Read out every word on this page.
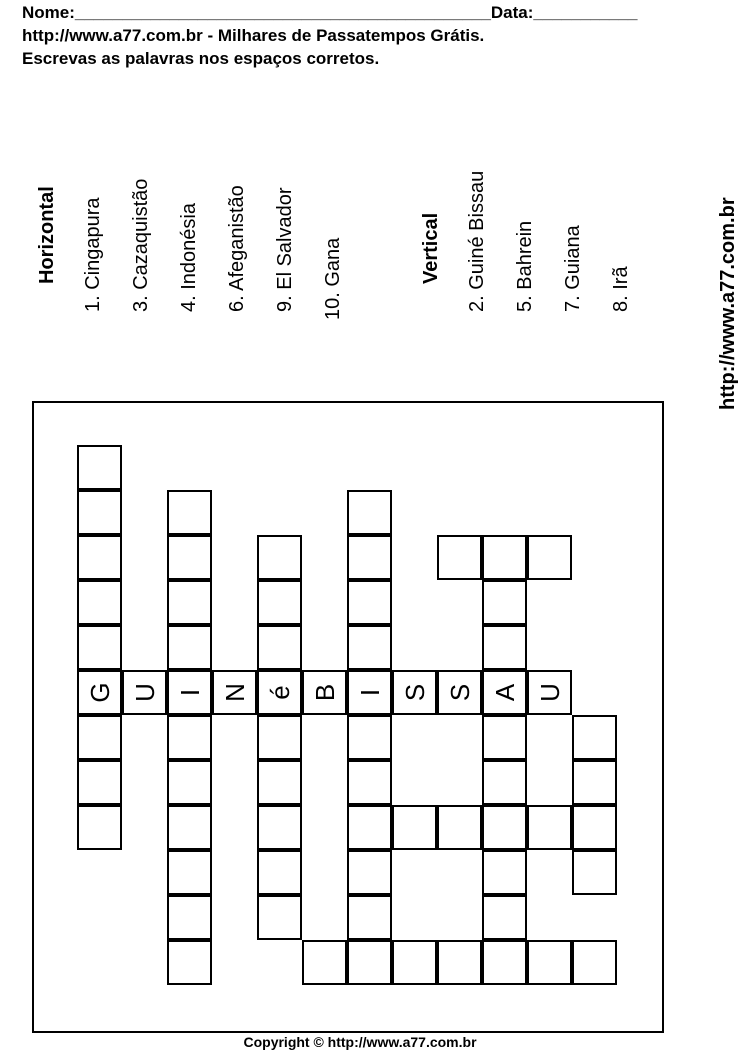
Nome:____________________________________________Data:___________
http://www.a77.com.br - Milhares de Passatempos Grátis.
Escrevas as palavras nos espaços corretos.
Horizontal 1. Cingapura 3. Cazaquistão 4. Indonésia 6. Afeganistão 9. El Salvador 10. Gana	Vertical 2. Guiné Bissau 5. Bahrein 7. Guiana 8. Irã
G U I N é B I S S A U
http://www.a77.com.br
Copyright © http://www.a77.com.br
